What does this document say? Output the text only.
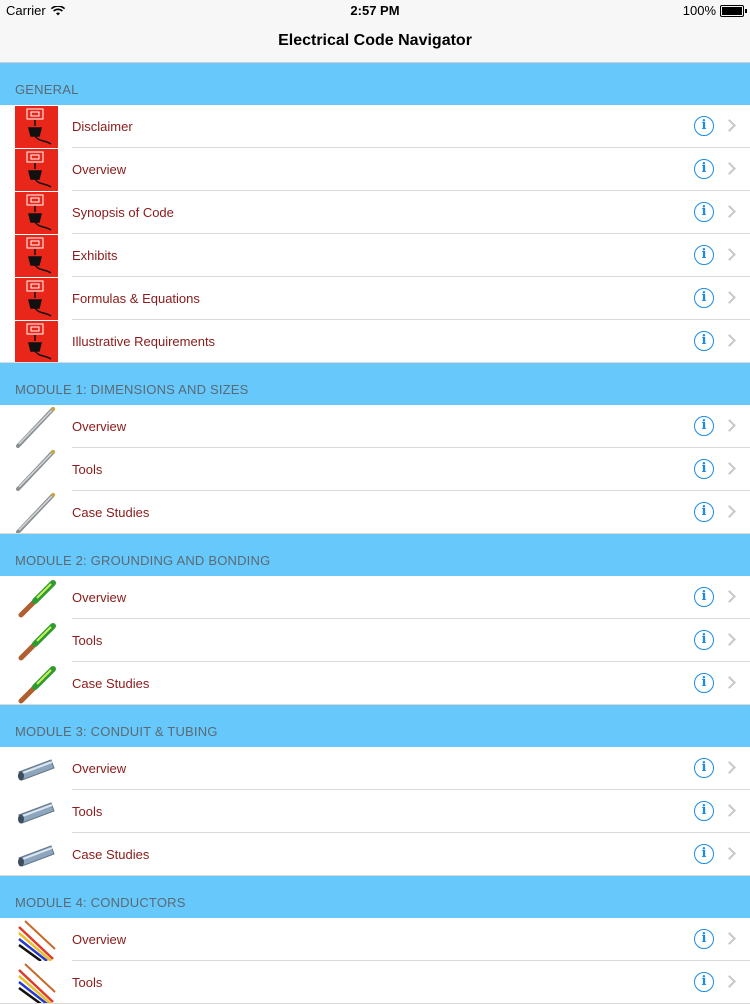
Carrier	2:57 PM	100%
Electrical Code Navigator
GENERAL
Disclaimer	i
Overview	i
Synopsis of Code	i
Exhibits	i
Formulas & Equations	i
Illustrative Requirements	i
MODULE 1: DIMENSIONS AND SIZES
Overview	i
Tools	i
Case Studies	i
MODULE 2: GROUNDING AND BONDING
Overview	i
Tools	i
Case Studies	i
MODULE 3: CONDUIT & TUBING
Overview	i
Tools	i
Case Studies	i
MODULE 4: CONDUCTORS
Overview	i
Tools	i
